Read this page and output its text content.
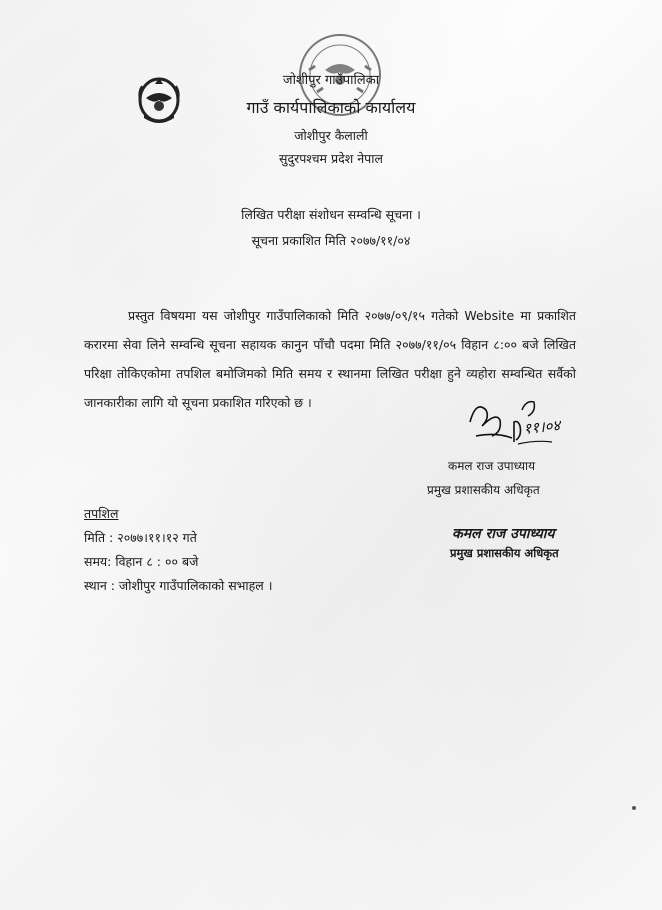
जोशीपुर गाउँपालिका
गाउँ कार्यपालिकाको कार्यालय
जोशीपुर कैलाली
सुदुरपश्चम प्रदेश नेपाल
लिखित परीक्षा संशोधन सम्वन्धि सूचना ।
सूचना प्रकाशित मिति २०७७/११/०४

प्रस्तुत विषयमा यस जोशीपुर गाउँपालिकाको मिति २०७७/०९/१५ गतेको Website मा प्रकाशित करारमा सेवा लिने सम्वन्धि सूचना सहायक कानुन पाँचौ पदमा मिति २०७७/११/०५ विहान ८:०० बजे लिखित परिक्षा तोकिएकोमा तपशिल बमोजिमको मिति समय र स्थानमा लिखित परीक्षा हुने व्यहोरा सम्वन्धित सर्वैको जानकारीका लागि यो सूचना प्रकाशित गरिएको छ ।

११।०४
कमल राज उपाध्याय
प्रमुख प्रशासकीय अधिकृत
तपशिल
मिति : २०७७।११।१२ गते
समय: विहान ८ : ०० बजे
स्थान : जोशीपुर गाउँपालिकाको सभाहल ।
कमल राज उपाध्याय
प्रमुख प्रशासकीय अधिकृत
